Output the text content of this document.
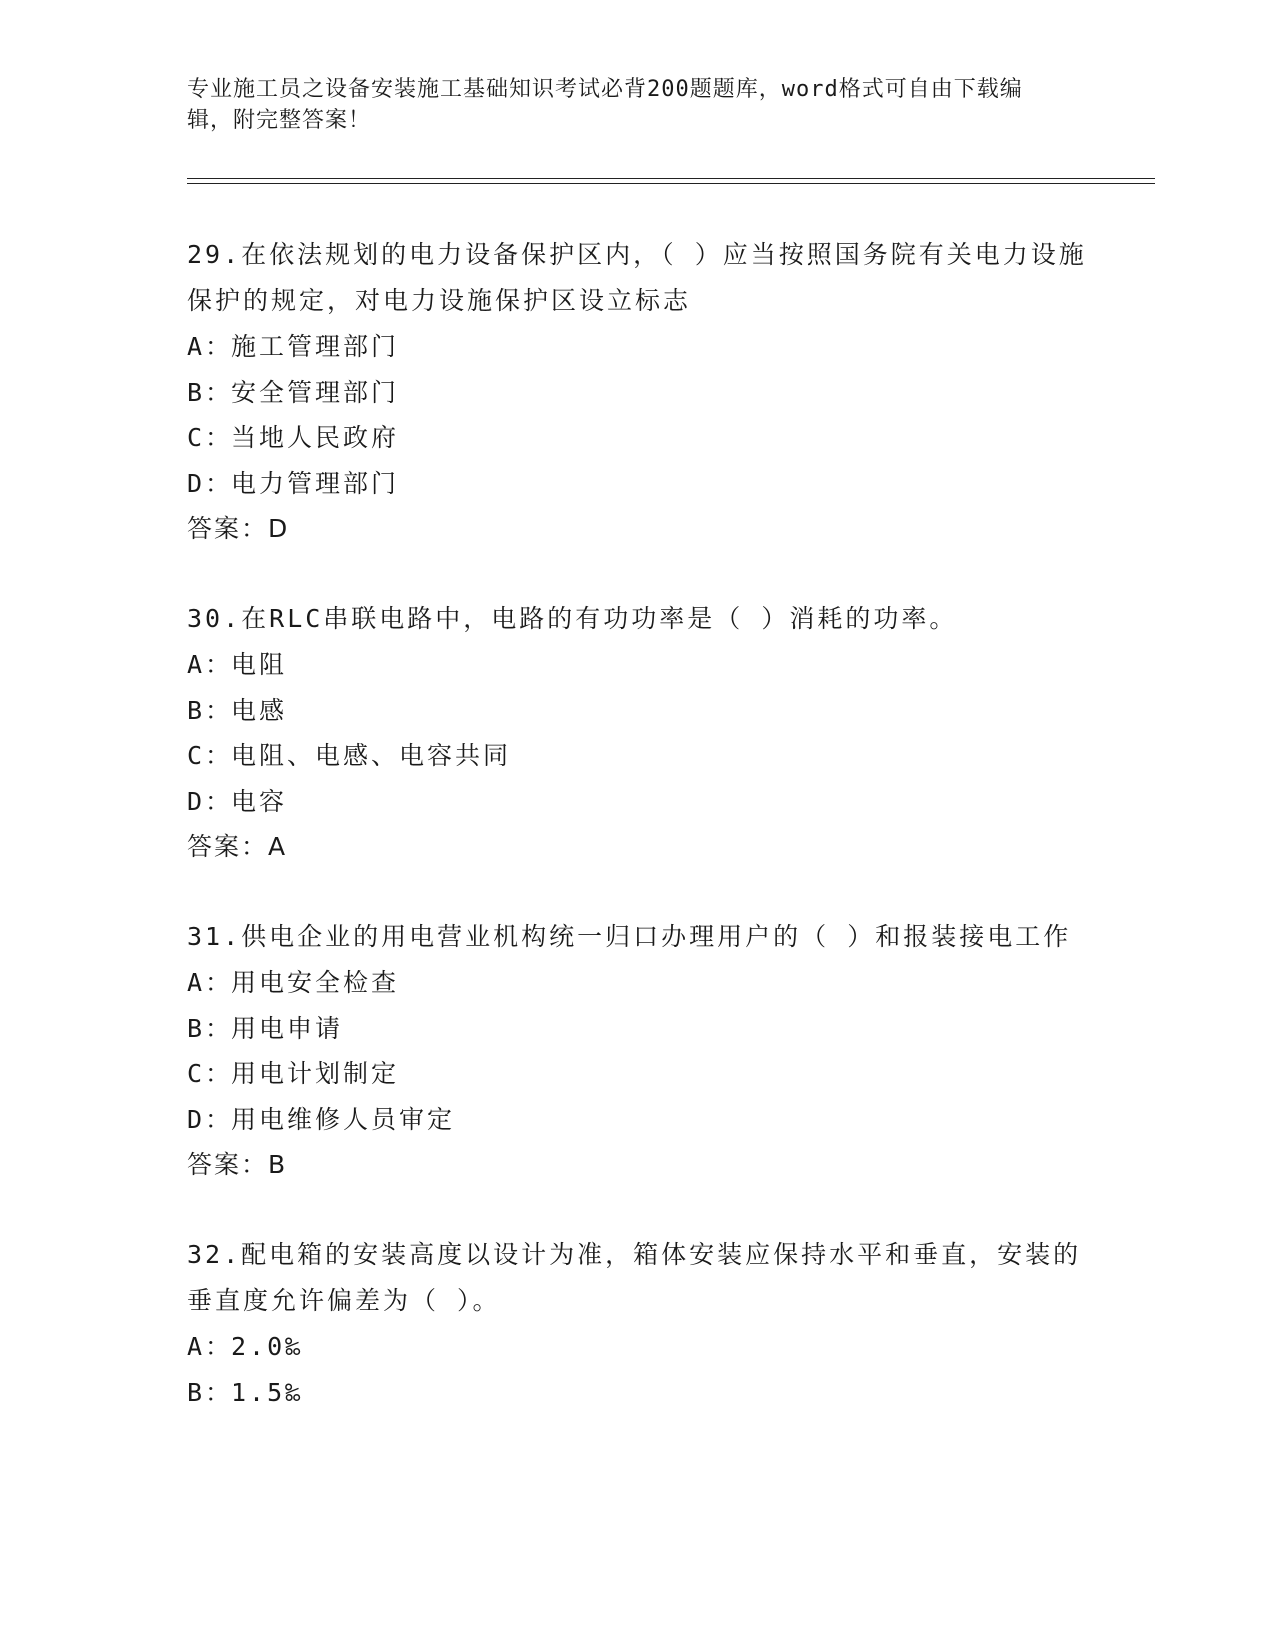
专业施工员之设备安装施工基础知识考试必背200题题库，word格式可自由下载编辑，附完整答案！
29.在依法规划的电力设备保护区内，（ ）应当按照国务院有关电力设施保护的规定，对电力设施保护区设立标志
A：施工管理部门
B：安全管理部门
C：当地人民政府
D：电力管理部门
答案：D
30.在RLC串联电路中，电路的有功功率是（ ）消耗的功率。
A：电阻
B：电感
C：电阻、电感、电容共同
D：电容
答案：A
31.供电企业的用电营业机构统一归口办理用户的（ ）和报装接电工作
A：用电安全检查
B：用电申请
C：用电计划制定
D：用电维修人员审定
答案：B
32.配电箱的安装高度以设计为准，箱体安装应保持水平和垂直，安装的垂直度允许偏差为（ ）。
A：2.0‰
B：1.5‰
